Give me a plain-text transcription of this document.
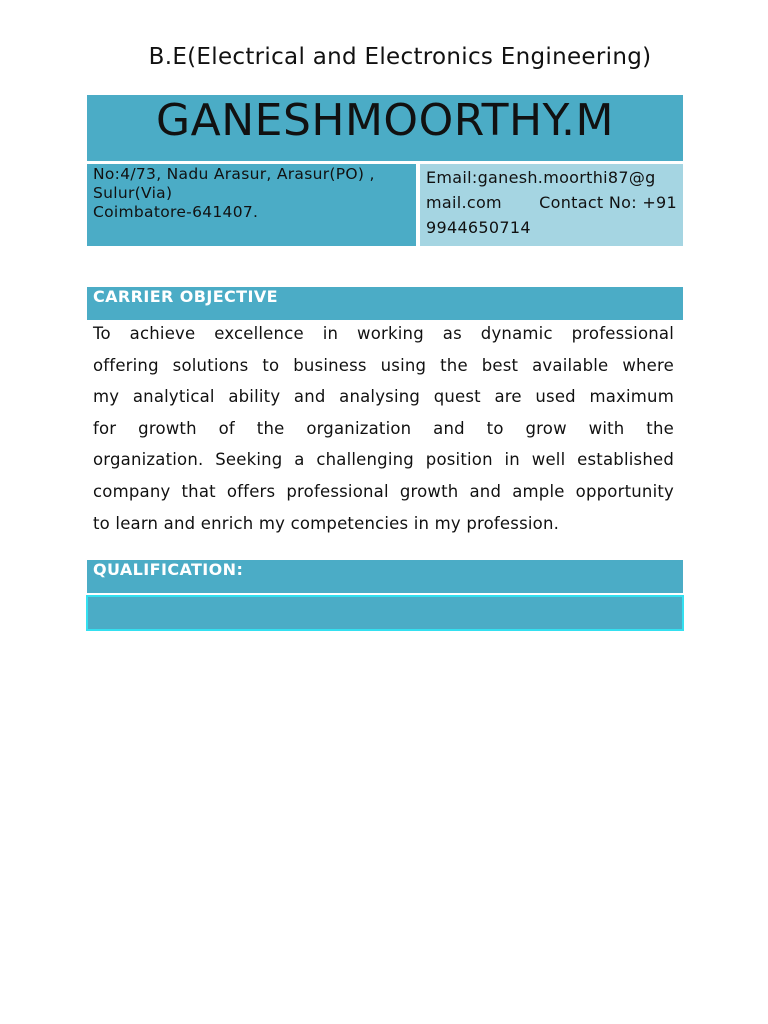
B.E(Electrical and Electronics Engineering)
GANESHMOORTHY.M
No:4/73, Nadu Arasur, Arasur(PO) ,
Sulur(Via)
Coimbatore-641407.
Email:ganesh.moorthi87@g
mail.com Contact No: +91
9944650714
CARRIER OBJECTIVE
To achieve excellence in working as dynamic professional
offering solutions to business using the best available where
my analytical ability and analysing quest are used maximum
for growth of the organization and to grow with the
organization. Seeking a challenging position in well established
company that offers professional growth and ample opportunity
to learn and enrich my competencies in my profession.
QUALIFICATION:
